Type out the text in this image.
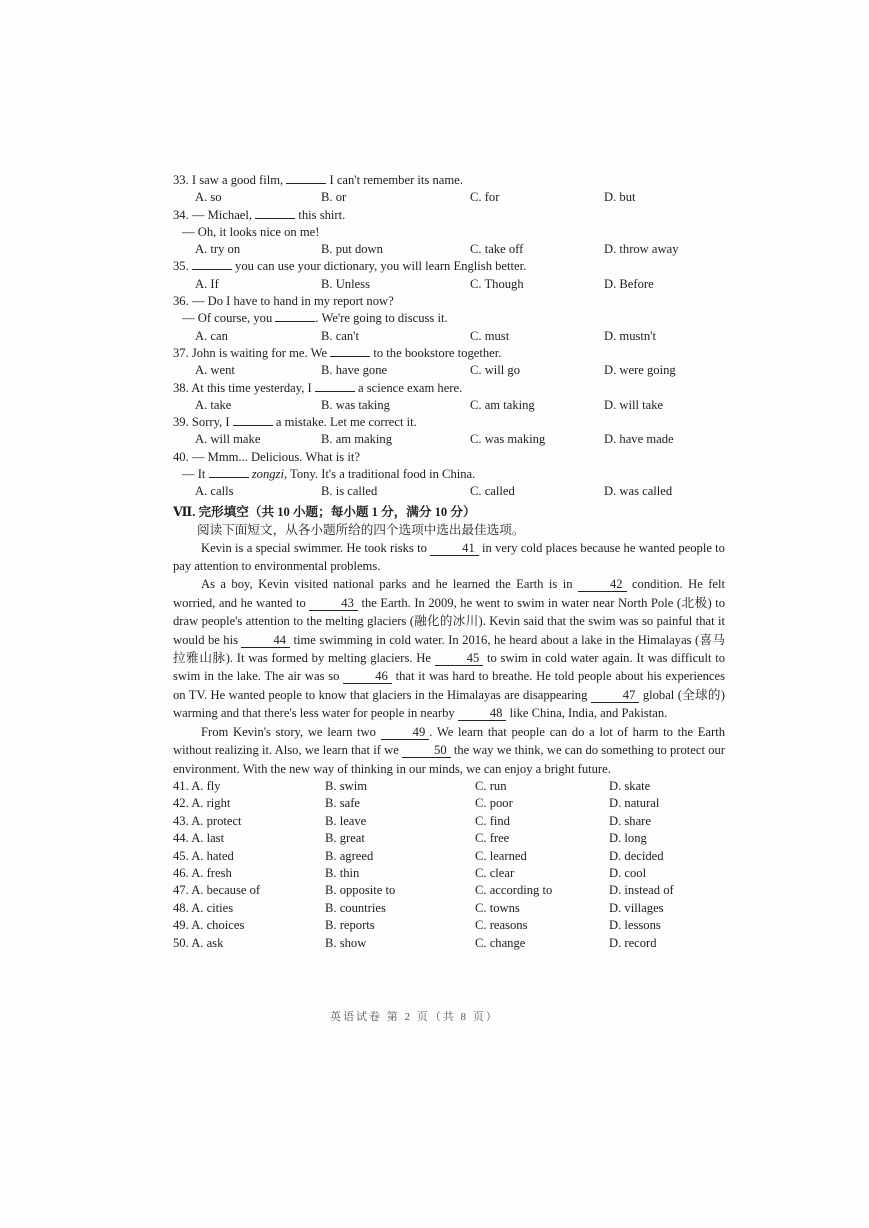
33. I saw a good film,	I can't remember its name.
A. so	B. or	C. for	D. but
34. — Michael,	this shirt.
— Oh, it looks nice on me!
A. try on	B. put down	C. take off	D. throw away
35.	you can use your dictionary, you will learn English better.
A. If	B. Unless	C. Though	D. Before
36. — Do I have to hand in my report now?
— Of course, you	. We're going to discuss it.
A. can	B. can't	C. must	D. mustn't
37. John is waiting for me. We	to the bookstore together.
A. went	B. have gone	C. will go	D. were going
38. At this time yesterday, I	a science exam here.
A. take	B. was taking	C. am taking	D. will take
39. Sorry, I	a mistake. Let me correct it.
A. will make	B. am making	C. was making	D. have made
40. — Mmm... Delicious. What is it?
— It	zongzi, Tony. It's a traditional food in China.
A. calls	B. is called	C. called	D. was called
Ⅶ. 完形填空（共 10 小题；每小题 1 分，满分 10 分）
阅读下面短文，从各小题所给的四个选项中选出最佳选项。

Kevin is a special swimmer. He took risks to	41 in very cold places because he wanted people to pay attention to environmental problems.

As a boy, Kevin visited national parks and he learned the Earth is in	42 condition. He felt worried, and he wanted to	43 the Earth. In 2009, he went to swim in water near North Pole (北极) to draw people's attention to the melting glaciers (融化的冰川). Kevin said that the swim was so painful that it would be his	44 time swimming in cold water. In 2016, he heard about a lake in the Himalayas (喜马拉雅山脉). It was formed by melting glaciers. He	45 to swim in cold water again. It was difficult to swim in the lake. The air was so	46 that it was hard to breathe. He told people about his experiences on TV. He wanted people to know that glaciers in the Himalayas are disappearing	47 global (全球的) warming and that there's less water for people in nearby	48 like China, India, and Pakistan.

From Kevin's story, we learn two	49 . We learn that people can do a lot of harm to the Earth without realizing it. Also, we learn that if we	50 the way we think, we can do something to protect our environment. With the new way of thinking in our minds, we can enjoy a bright future.

41. A. fly	B. swim	C. run	D. skate
42. A. right	B. safe	C. poor	D. natural
43. A. protect	B. leave	C. find	D. share
44. A. last	B. great	C. free	D. long
45. A. hated	B. agreed	C. learned	D. decided
46. A. fresh	B. thin	C. clear	D. cool
47. A. because of	B. opposite to	C. according to	D. instead of
48. A. cities	B. countries	C. towns	D. villages
49. A. choices	B. reports	C. reasons	D. lessons
50. A. ask	B. show	C. change	D. record
英语试卷 第 2 页（共 8 页）
